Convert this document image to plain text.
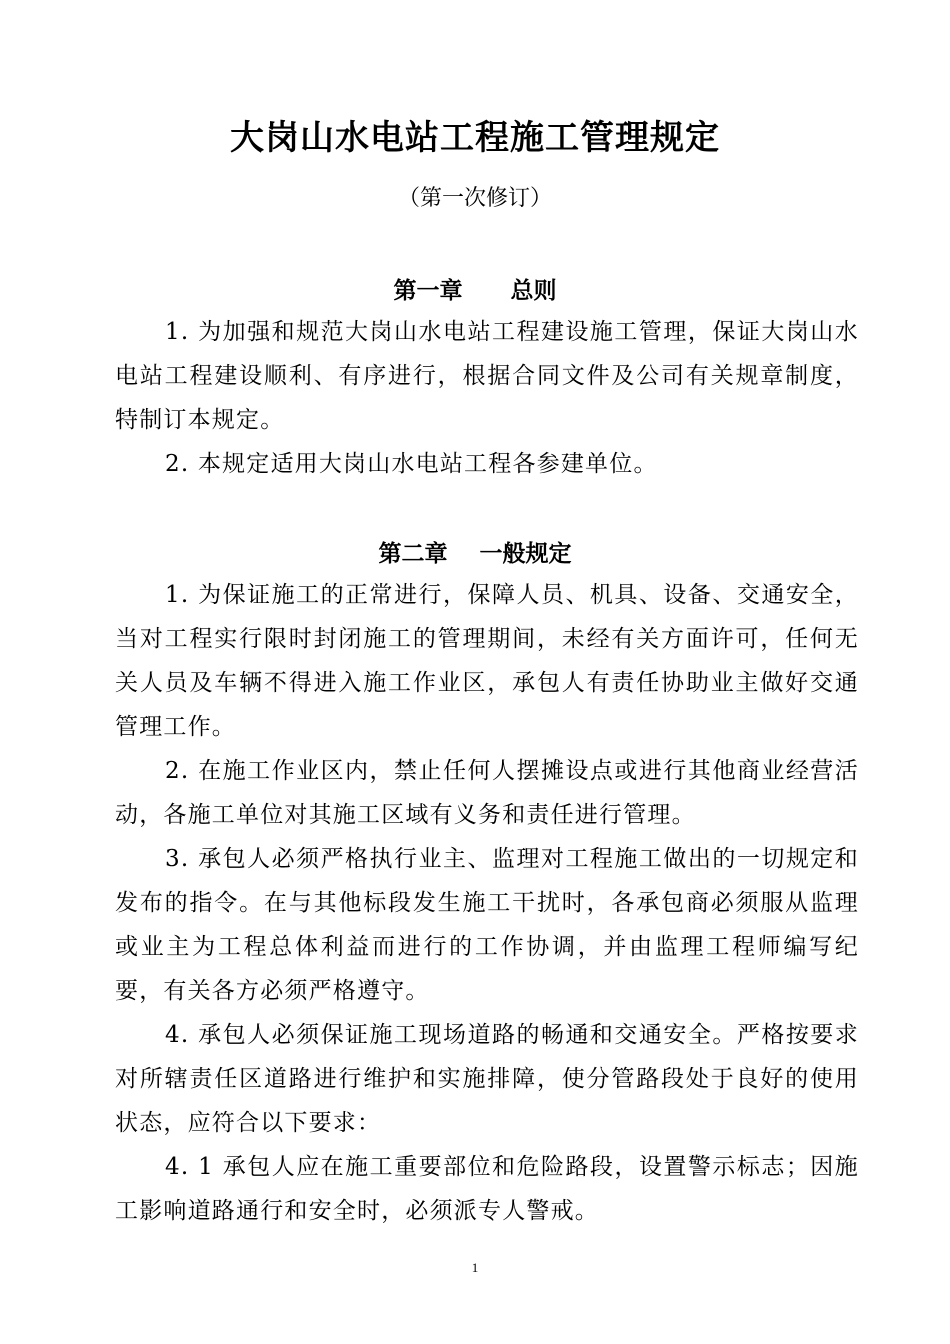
大岗山水电站工程施工管理规定
（第一次修订）
第一章      总则
1. 为加强和规范大岗山水电站工程建设施工管理，保证大岗山水电站工程建设顺利、有序进行，根据合同文件及公司有关规章制度，特制订本规定。
2. 本规定适用大岗山水电站工程各参建单位。
第二章    一般规定
1. 为保证施工的正常进行，保障人员、机具、设备、交通安全，当对工程实行限时封闭施工的管理期间，未经有关方面许可，任何无关人员及车辆不得进入施工作业区，承包人有责任协助业主做好交通管理工作。
2. 在施工作业区内，禁止任何人摆摊设点或进行其他商业经营活动，各施工单位对其施工区域有义务和责任进行管理。
3. 承包人必须严格执行业主、监理对工程施工做出的一切规定和发布的指令。在与其他标段发生施工干扰时，各承包商必须服从监理或业主为工程总体利益而进行的工作协调，并由监理工程师编写纪要，有关各方必须严格遵守。
4. 承包人必须保证施工现场道路的畅通和交通安全。严格按要求对所辖责任区道路进行维护和实施排障，使分管路段处于良好的使用状态，应符合以下要求：
4. 1 承包人应在施工重要部位和危险路段，设置警示标志；因施工影响道路通行和安全时，必须派专人警戒。
1
